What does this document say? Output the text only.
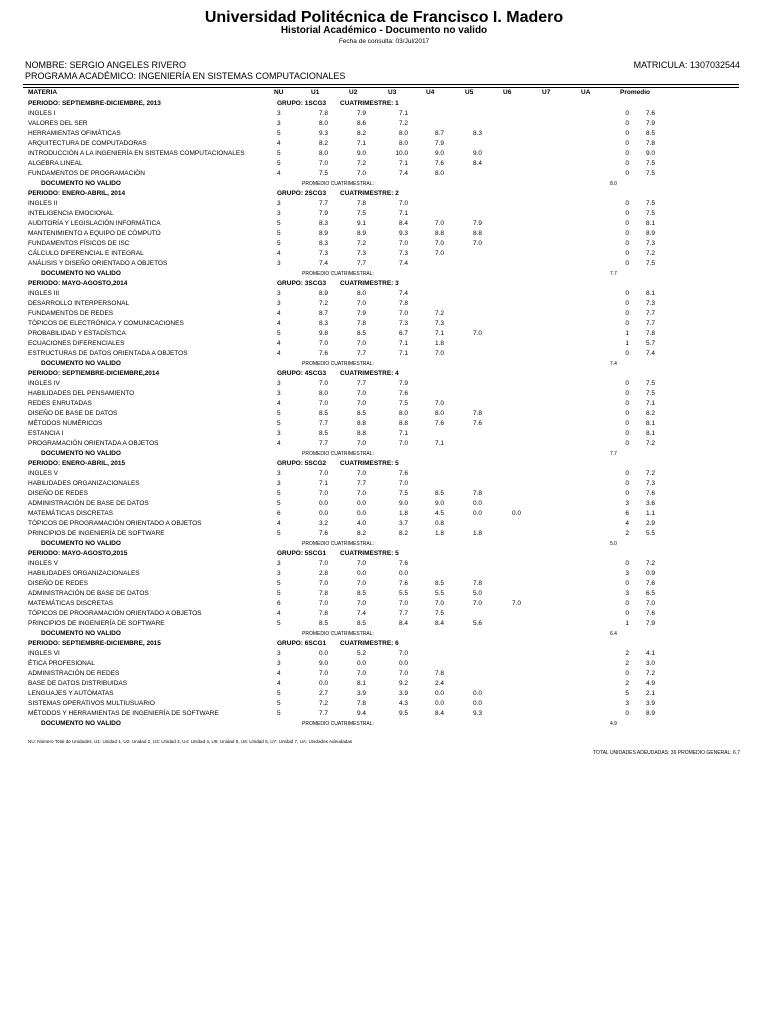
Universidad Politécnica de Francisco I. Madero
Historial Académico - Documento no valido
Fecha de consulta: 03/Jul/2017
NOMBRE: SERGIO ANGELES RIVERO	MATRICULA: 1307032544
PROGRAMA ACADÉMICO: INGENIERÍA EN SISTEMAS COMPUTACIONALES
MATERIA	NU	U1	U2	U3	U4	U5	U6	U7	UA	Promedio
PERIODO: SEPTIEMBRE-DICIEMBRE, 2013	GRUPO: 1SCG3 CUATRIMESTRE: 1
INGLES I	3	7.8	7.9	7.1	0	7.6
VALORES DEL SER	3	8.0	8.6	7.2	0	7.9
HERRAMIENTAS OFIMÁTICAS	5	9.3	8.2	8.0	8.7	8.3	0	8.5
ARQUITECTURA DE COMPUTADORAS	4	8.2	7.1	8.0	7.9	0	7.8
INTRODUCCIÓN A LA INGENIERÍA EN SISTEMAS COMPUTACIONALES	5	8.0	9.0	10.0	9.0	9.0	0	9.0
ALGEBRA LINEAL	5	7.0	7.2	7.1	7.6	8.4	0	7.5
FUNDAMENTOS DE PROGRAMACIÓN	4	7.5	7.0	7.4	8.0	0	7.5
DOCUMENTO NO VALIDO	PROMEDIO CUATRIMESTRAL:	8.0
PERIODO: ENERO-ABRIL, 2014	GRUPO: 2SCG3 CUATRIMESTRE: 2
INGLES II	3	7.7	7.8	7.0	0	7.5
INTELIGENCIA EMOCIONAL	3	7.9	7.5	7.1	0	7.5
AUDITORÍA Y LEGISLACIÓN INFORMÁTICA	5	8.3	9.1	8.4	7.0	7.9	0	8.1
MANTENIMIENTO A EQUIPO DE CÓMPUTO	5	8.9	8.9	9.3	8.8	8.8	0	8.9
FUNDAMENTOS FÍSICOS DE ISC	5	8.3	7.2	7.0	7.0	7.0	0	7.3
CÁLCULO DIFERENCIAL E INTEGRAL	4	7.3	7.3	7.3	7.0	0	7.2
ANÁLISIS Y DISEÑO ORIENTADO A OBJETOS	3	7.4	7.7	7.4	0	7.5
DOCUMENTO NO VALIDO	PROMEDIO CUATRIMESTRAL:	7.7
PERIODO: MAYO-AGOSTO,2014	GRUPO: 3SCG3 CUATRIMESTRE: 3
INGLES III	3	8.9	8.0	7.4	0	8.1
DESARROLLO INTERPERSONAL	3	7.2	7.0	7.8	0	7.3
FUNDAMENTOS DE REDES	4	8.7	7.9	7.0	7.2	0	7.7
TÓPICOS DE ELECTRÓNICA Y COMUNICACIONES	4	8.3	7.8	7.3	7.3	0	7.7
PROBABILIDAD Y ESTADÍSTICA	5	9.8	8.5	6.7	7.1	7.0	1	7.8
ECUACIONES DIFERENCIALES	4	7.0	7.0	7.1	1.8	1	5.7
ESTRUCTURAS DE DATOS ORIENTADA A OBJETOS	4	7.6	7.7	7.1	7.0	0	7.4
DOCUMENTO NO VALIDO	PROMEDIO CUATRIMESTRAL:	7.4
PERIODO: SEPTIEMBRE-DICIEMBRE,2014	GRUPO: 4SCG3 CUATRIMESTRE: 4
INGLES IV	3	7.0	7.7	7.9	0	7.5
HABILIDADES DEL PENSAMIENTO	3	8.0	7.0	7.6	0	7.5
REDES ENRUTADAS	4	7.0	7.0	7.5	7.0	0	7.1
DISEÑO DE BASE DE DATOS	5	8.5	8.5	8.0	8.0	7.8	0	8.2
MÉTODOS NUMÉRICOS	5	7.7	8.8	8.8	7.6	7.6	0	8.1
ESTANCIA I	3	8.5	8.8	7.1	0	8.1
PROGRAMACIÓN ORIENTADA A OBJETOS	4	7.7	7.0	7.0	7.1	0	7.2
DOCUMENTO NO VALIDO	PROMEDIO CUATRIMESTRAL:	7.7
PERIODO: ENERO-ABRIL, 2015	GRUPO: 5SCG2 CUATRIMESTRE: 5
INGLES V	3	7.0	7.0	7.6	0	7.2
HABILIDADES ORGANIZACIONALES	3	7.1	7.7	7.0	0	7.3
DISEÑO DE REDES	5	7.0	7.0	7.5	8.5	7.8	0	7.6
ADMINISTRACIÓN DE BASE DE DATOS	5	0.0	0.0	9.0	9.0	0.0	3	3.6
MATEMÁTICAS DISCRETAS	6	0.0	0.0	1.8	4.5	0.0	0.0	6	1.1
TÓPICOS DE PROGRAMACIÓN ORIENTADO A OBJETOS	4	3.2	4.0	3.7	0.8	4	2.9
PRINCIPIOS DE INGENIERÍA DE SOFTWARE	5	7.6	8.2	8.2	1.8	1.8	2	5.5
DOCUMENTO NO VALIDO	PROMEDIO CUATRIMESTRAL:	5.0
PERIODO: MAYO-AGOSTO,2015	GRUPO: 5SCG1 CUATRIMESTRE: 5
INGLES V	3	7.0	7.0	7.6	0	7.2
HABILIDADES ORGANIZACIONALES	3	2.8	0.0	0.0	3	0.9
DISEÑO DE REDES	5	7.0	7.0	7.6	8.5	7.8	0	7.6
ADMINISTRACIÓN DE BASE DE DATOS	5	7.8	8.5	5.5	5.5	5.0	3	6.5
MATEMÁTICAS DISCRETAS	6	7.0	7.0	7.0	7.0	7.0	7.0	0	7.0
TÓPICOS DE PROGRAMACIÓN ORIENTADO A OBJETOS	4	7.8	7.4	7.7	7.5	0	7.6
PRINCIPIOS DE INGENIERÍA DE SOFTWARE	5	8.5	8.5	8.4	8.4	5.6	1	7.9
DOCUMENTO NO VALIDO	PROMEDIO CUATRIMESTRAL:	6.4
PERIODO: SEPTIEMBRE-DICIEMBRE, 2015	GRUPO: 6SCG1 CUATRIMESTRE: 6
INGLES VI	3	0.0	5.2	7.0	2	4.1
ÉTICA PROFESIONAL	3	9.0	0.0	0.0	2	3.0
ADMINISTRACIÓN DE REDES	4	7.0	7.0	7.0	7.8	0	7.2
BASE DE DATOS DISTRIBUIDAS	4	0.0	8.1	9.2	2.4	2	4.9
LENGUAJES Y AUTÓMATAS	5	2.7	3.9	3.9	0.0	0.0	5	2.1
SISTEMAS OPERATIVOS MULTIUSUARIO	5	7.2	7.8	4.3	0.0	0.0	3	3.9
MÉTODOS Y HERRAMIENTAS DE INGENIERÍA DE SOFTWARE	5	7.7	9.4	9.5	8.4	9.3	0	8.9
DOCUMENTO NO VALIDO	PROMEDIO CUATRIMESTRAL:	4.9
NU: Número Total de Unidades, U1: Unidad 1, U2: Unidad 2, U3: Unidad 3, U4: Unidad 4, U5: Unidad 5, U6: Unidad 6, U7: Unidad 7, UA: Unidades Adeudadas
TOTAL UNIDADES ADEUDADAS: 36 PROMEDIO GENERAL: 6.7
